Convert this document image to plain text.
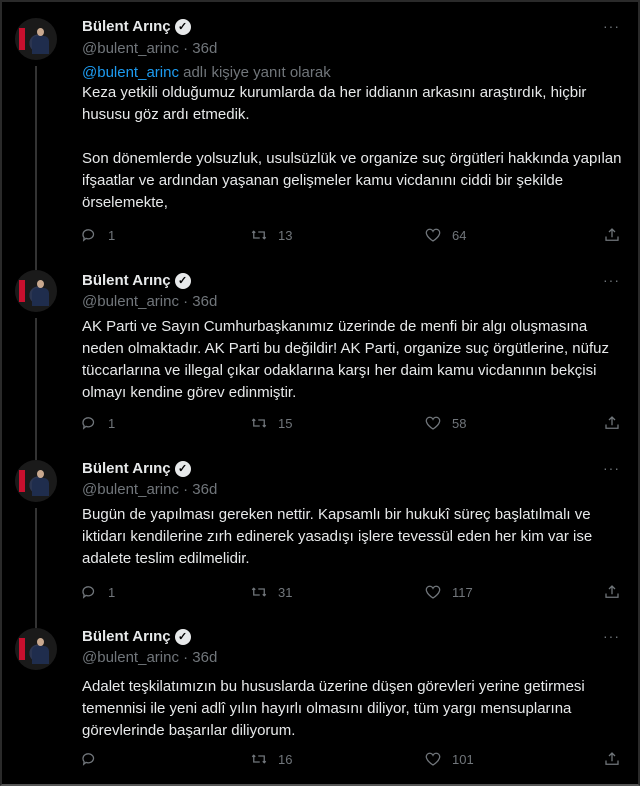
Bülent Arınç ✓	···
@bulent_arinc · 36d
@bulent_arinc adlı kişiye yanıt olarak
Keza yetkili olduğumuz kurumlarda da her iddianın arkasını araştırdık, hiçbir hususu göz ardı etmedik.

Son dönemlerde yolsuzluk, usulsüzlük ve organize suç örgütleri hakkında yapılan ifşaatlar ve ardından yaşanan gelişmeler kamu vicdanını ciddi bir şekilde örselemekte,
1	13	64
Bülent Arınç ✓	···
@bulent_arinc · 36d
AK Parti ve Sayın Cumhurbaşkanımız üzerinde de menfi bir algı oluşmasına neden olmaktadır. AK Parti bu değildir! AK Parti, organize suç örgütlerine, nüfuz tüccarlarına ve illegal çıkar odaklarına karşı her daim kamu vicdanının bekçisi olmayı kendine görev edinmiştir.
1	15	58
Bülent Arınç ✓	···
@bulent_arinc · 36d
Bugün de yapılması gereken nettir. Kapsamlı bir hukukî süreç başlatılmalı ve iktidarı kendilerine zırh edinerek yasadışı işlere tevessül eden her kim var ise adalete teslim edilmelidir.
1	31	117
Bülent Arınç ✓	···
@bulent_arinc · 36d
Adalet teşkilatımızın bu hususlarda üzerine düşen görevleri yerine getirmesi temennisi ile yeni adlî yılın hayırlı olmasını diliyor, tüm yargı mensuplarına görevlerinde başarılar diliyorum.
16	101
